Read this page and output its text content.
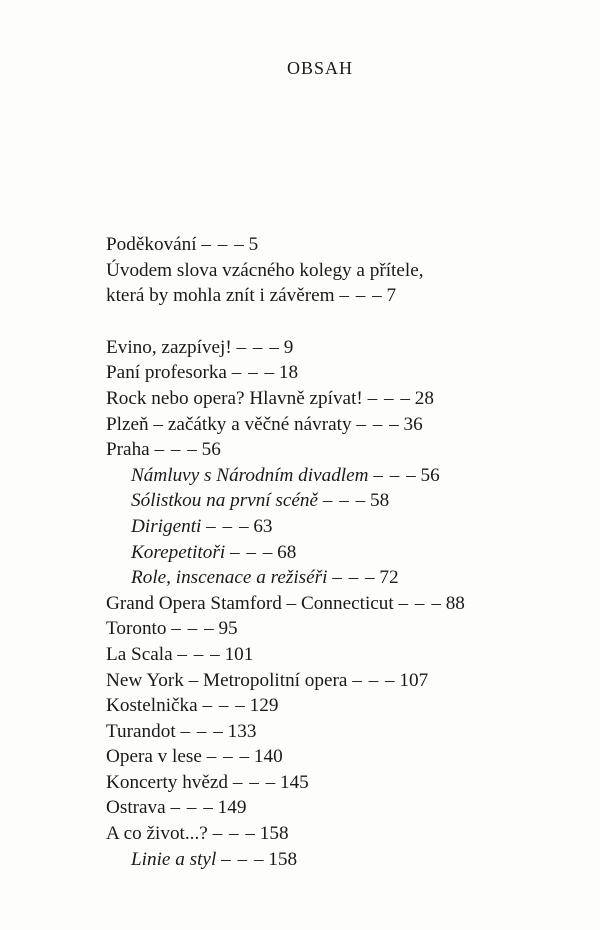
OBSAH
Poděkování – – – 5
Úvodem slova vzácného kolegy a přítele,
která by mohla znít i závěrem – – – 7
Evino, zazpívej! – – – 9
Paní profesorka – – – 18
Rock nebo opera? Hlavně zpívat! – – – 28
Plzeň – začátky a věčné návraty – – – 36
Praha – – – 56
Námluvy s Národním divadlem – – – 56
Sólistkou na první scéně – – – 58
Dirigenti – – – 63
Korepetitoři – – – 68
Role, inscenace a režiséři – – – 72
Grand Opera Stamford – Connecticut – – – 88
Toronto – – – 95
La Scala – – – 101
New York – Metropolitní opera – – – 107
Kostelnička – – – 129
Turandot – – – 133
Opera v lese – – – 140
Koncerty hvězd – – – 145
Ostrava – – – 149
A co život...? – – – 158
Linie a styl – – – 158
